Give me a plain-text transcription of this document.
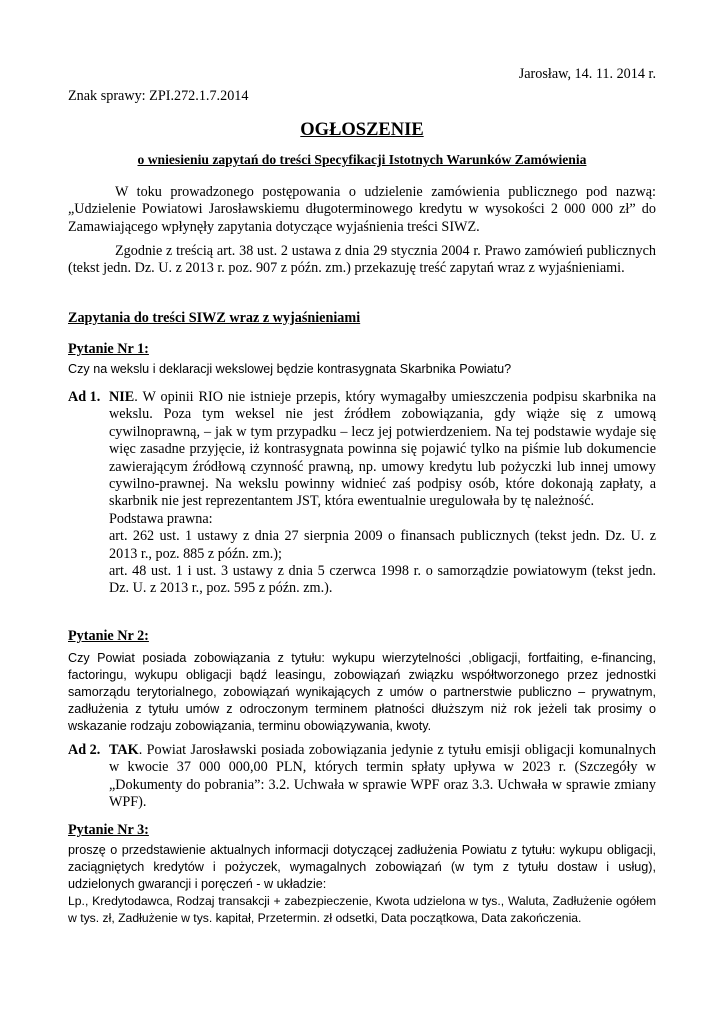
Jarosław, 14. 11. 2014 r.

Znak sprawy: ZPI.272.1.7.2014

OGŁOSZENIE

o wniesieniu zapytań do treści Specyfikacji Istotnych Warunków Zamówienia

W toku prowadzonego postępowania o udzielenie zamówienia publicznego pod nazwą: „Udzielenie Powiatowi Jarosławskiemu długoterminowego kredytu w wysokości 2 000 000 zł” do Zamawiającego wpłynęły zapytania dotyczące wyjaśnienia treści SIWZ.

Zgodnie z treścią art. 38 ust. 2 ustawa z dnia 29 stycznia 2004 r. Prawo zamówień publicznych (tekst jedn. Dz. U. z 2013 r. poz. 907 z późn. zm.) przekazuję treść zapytań wraz z wyjaśnieniami.

Zapytania do treści SIWZ wraz z wyjaśnieniami

Pytanie Nr 1:

Czy na wekslu i deklaracji wekslowej będzie kontrasygnata Skarbnika Powiatu?

Ad 1. NIE. W opinii RIO nie istnieje przepis, który wymagałby umieszczenia podpisu skarbnika na wekslu. Poza tym weksel nie jest źródłem zobowiązania, gdy wiąże się z umową cywilnoprawną, – jak w tym przypadku – lecz jej potwierdzeniem. Na tej podstawie wydaje się więc zasadne przyjęcie, iż kontrasygnata powinna się pojawić tylko na piśmie lub dokumencie zawierającym źródłową czynność prawną, np. umowy kredytu lub pożyczki lub innej umowy cywilno-prawnej. Na wekslu powinny widnieć zaś podpisy osób, które dokonają zapłaty, a skarbnik nie jest reprezentantem JST, która ewentualnie uregulowała by tę należność.
Podstawa prawna:
art. 262 ust. 1 ustawy z dnia 27 sierpnia 2009 o finansach publicznych (tekst jedn. Dz. U. z 2013 r., poz. 885 z późn. zm.);
art. 48 ust. 1 i ust. 3 ustawy z dnia 5 czerwca 1998 r. o samorządzie powiatowym (tekst jedn. Dz. U. z 2013 r., poz. 595 z późn. zm.).

Pytanie Nr 2:

Czy Powiat posiada zobowiązania z tytułu: wykupu wierzytelności ,obligacji, fortfaiting, e-financing, factoringu, wykupu obligacji bądź leasingu, zobowiązań związku współtworzonego przez jednostki samorządu terytorialnego, zobowiązań wynikających z umów o partnerstwie publiczno – prywatnym, zadłużenia z tytułu umów z odroczonym terminem płatności dłuższym niż rok jeżeli tak prosimy o wskazanie rodzaju zobowiązania, terminu obowiązywania, kwoty.

Ad 2. TAK. Powiat Jarosławski posiada zobowiązania jedynie z tytułu emisji obligacji komunalnych w kwocie 37 000 000,00 PLN, których termin spłaty upływa w 2023 r. (Szczegóły w „Dokumenty do pobrania”: 3.2. Uchwała w sprawie WPF oraz 3.3. Uchwała w sprawie zmiany WPF).

Pytanie Nr 3:

proszę o przedstawienie aktualnych informacji dotyczącej zadłużenia Powiatu z tytułu: wykupu obligacji, zaciągniętych kredytów i pożyczek, wymagalnych zobowiązań (w tym z tytułu dostaw i usług), udzielonych gwarancji i poręczeń - w układzie:

Lp., Kredytodawca, Rodzaj transakcji + zabezpieczenie, Kwota udzielona w tys., Waluta, Zadłużenie ogółem w tys. zł, Zadłużenie w tys. kapitał, Przetermin. zł odsetki, Data początkowa, Data zakończenia.
